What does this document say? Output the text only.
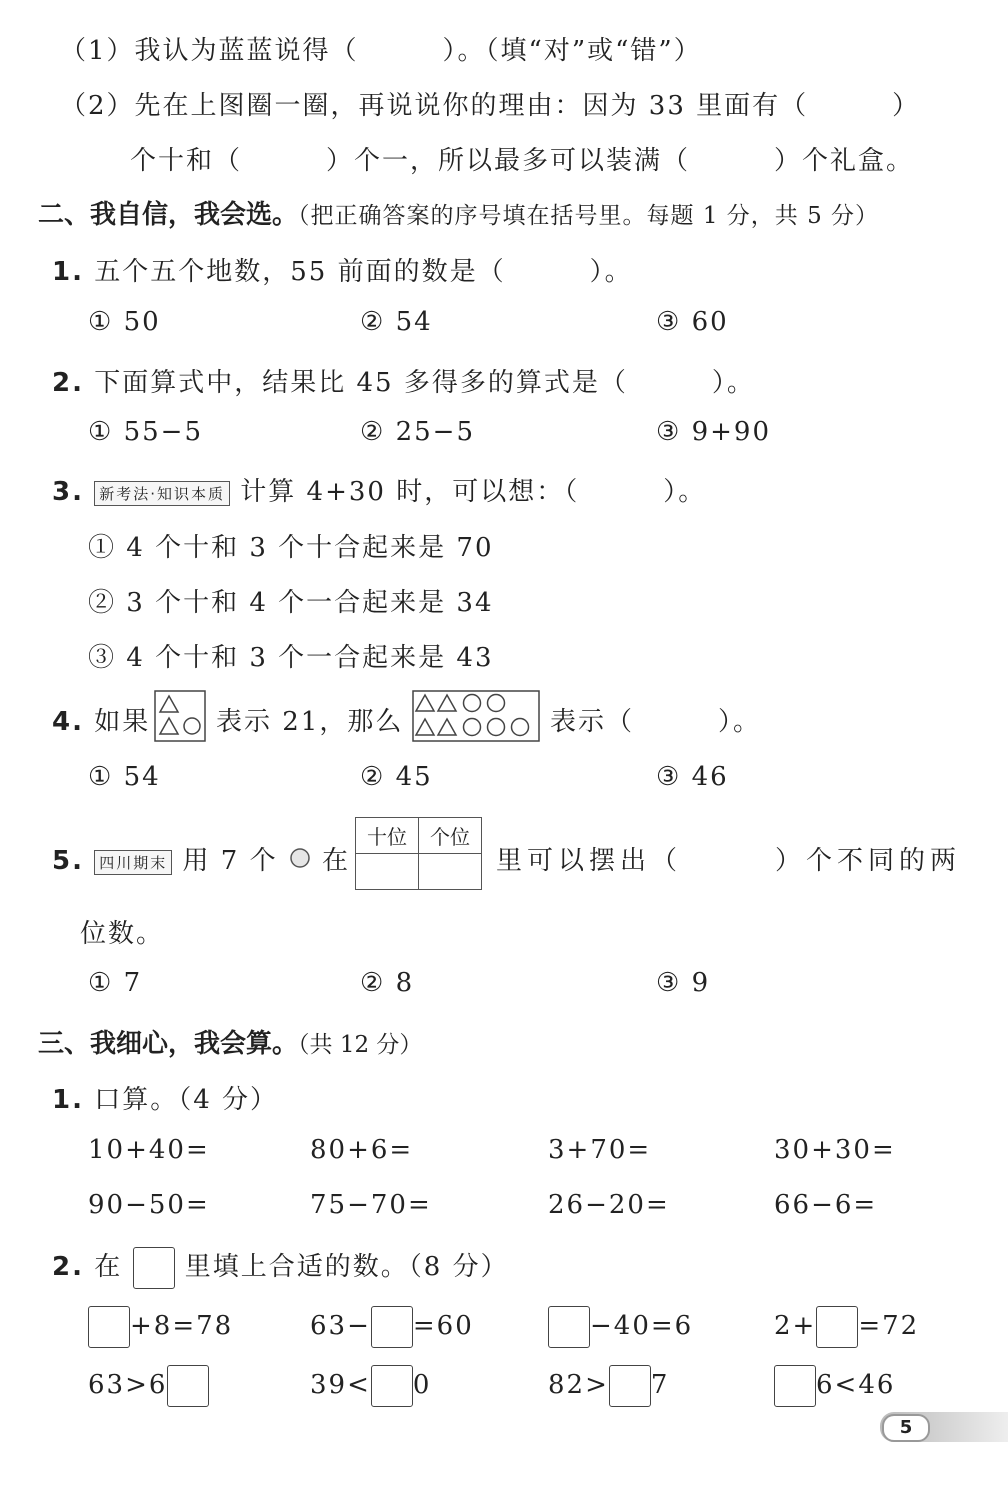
（1）我认为蓝蓝说得（　　　）。（填“对”或“错”）
（2）先在上图圈一圈，再说说你的理由：因为 33 里面有（　　　）
个十和（　　　）个一，所以最多可以装满（　　　）个礼盒。
二、我自信，我会选。（把正确答案的序号填在括号里。每题 1 分，共 5 分）
1. 五个五个地数，55 前面的数是（　　　）。
① 50	② 54	③ 60
2. 下面算式中，结果比 45 多得多的算式是（　　　）。
① 55−5	② 25−5	③ 9+90
3. 新考法·知识本质 计算 4+30 时，可以想：（　　　）。
① 4 个十和 3 个十合起来是 70
② 3 个十和 4 个一合起来是 34
③ 4 个十和 3 个一合起来是 43
4. 如果	表示 21，那么	表示（　　　）。
① 54	② 45	③ 46
5. 四川期末 用 7 个 在
十位	个位

里可以摆出（　　　）个不同的两
位数。
① 7	② 8	③ 9
三、我细心，我会算。（共 12 分）
1. 口算。（4 分）
10+40=	80+6=	3+70=	30+30=
90−50=	75−70=	26−20=	66−6=
2. 在 里填上合适的数。（8 分）
+8=78	63− =60	−40=6	2+ =72
63>6	39< 0	82> 7	6<46
5
